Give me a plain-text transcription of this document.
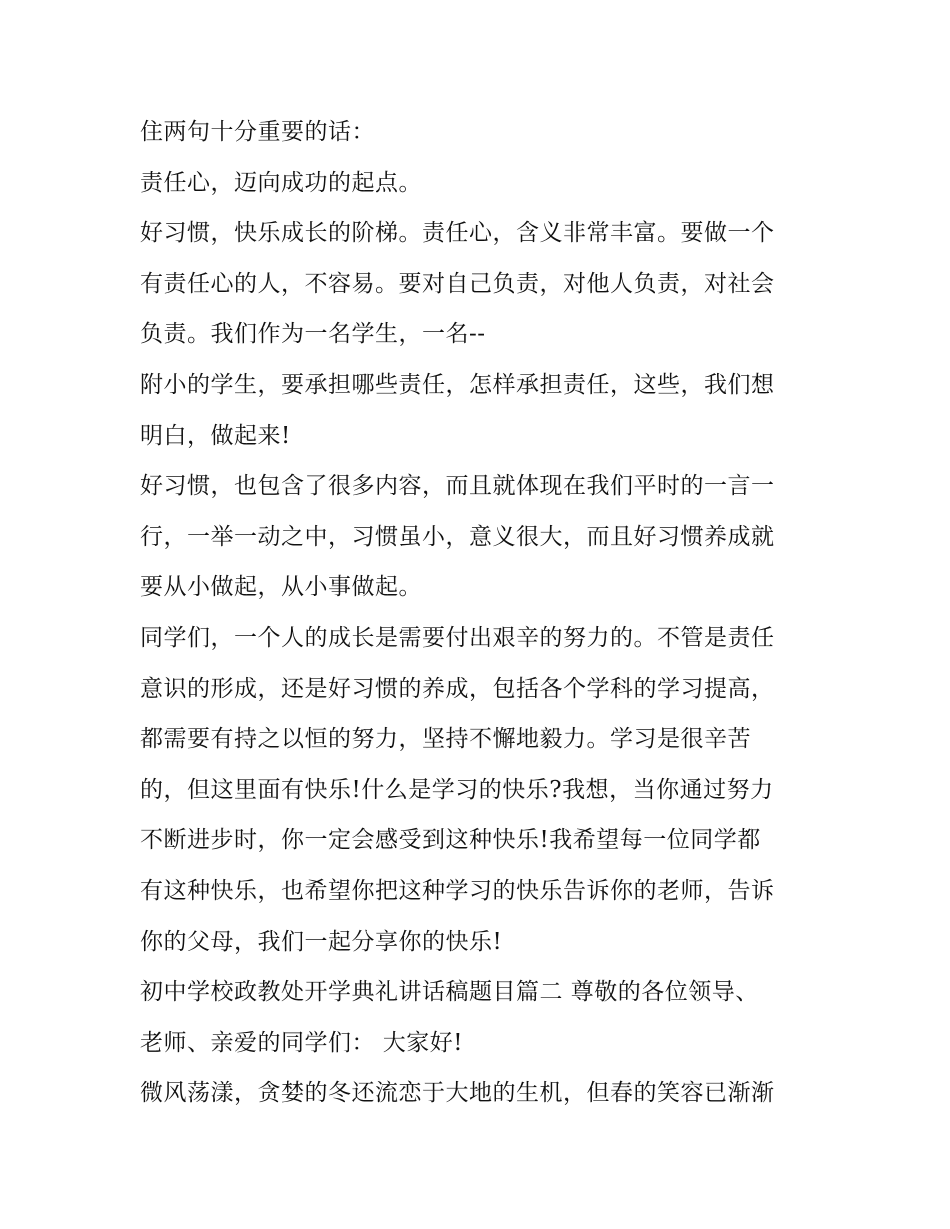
住两句十分重要的话：
责任心，迈向成功的起点。
好习惯，快乐成长的阶梯。责任心，含义非常丰富。要做一个
有责任心的人，不容易。要对自己负责，对他人负责，对社会
负责。我们作为一名学生，一名--
附小的学生，要承担哪些责任，怎样承担责任，这些，我们想
明白，做起来!
好习惯，也包含了很多内容，而且就体现在我们平时的一言一
行，一举一动之中，习惯虽小，意义很大，而且好习惯养成就
要从小做起，从小事做起。
同学们，一个人的成长是需要付出艰辛的努力的。不管是责任
意识的形成，还是好习惯的养成，包括各个学科的学习提高，
都需要有持之以恒的努力，坚持不懈地毅力。学习是很辛苦
的，但这里面有快乐!什么是学习的快乐?我想，当你通过努力
不断进步时，你一定会感受到这种快乐!我希望每一位同学都
有这种快乐，也希望你把这种学习的快乐告诉你的老师，告诉
你的父母，我们一起分享你的快乐!
初中学校政教处开学典礼讲话稿题目篇二 尊敬的各位领导、
老师、亲爱的同学们： 大家好!
微风荡漾，贪婪的冬还流恋于大地的生机，但春的笑容已渐渐
